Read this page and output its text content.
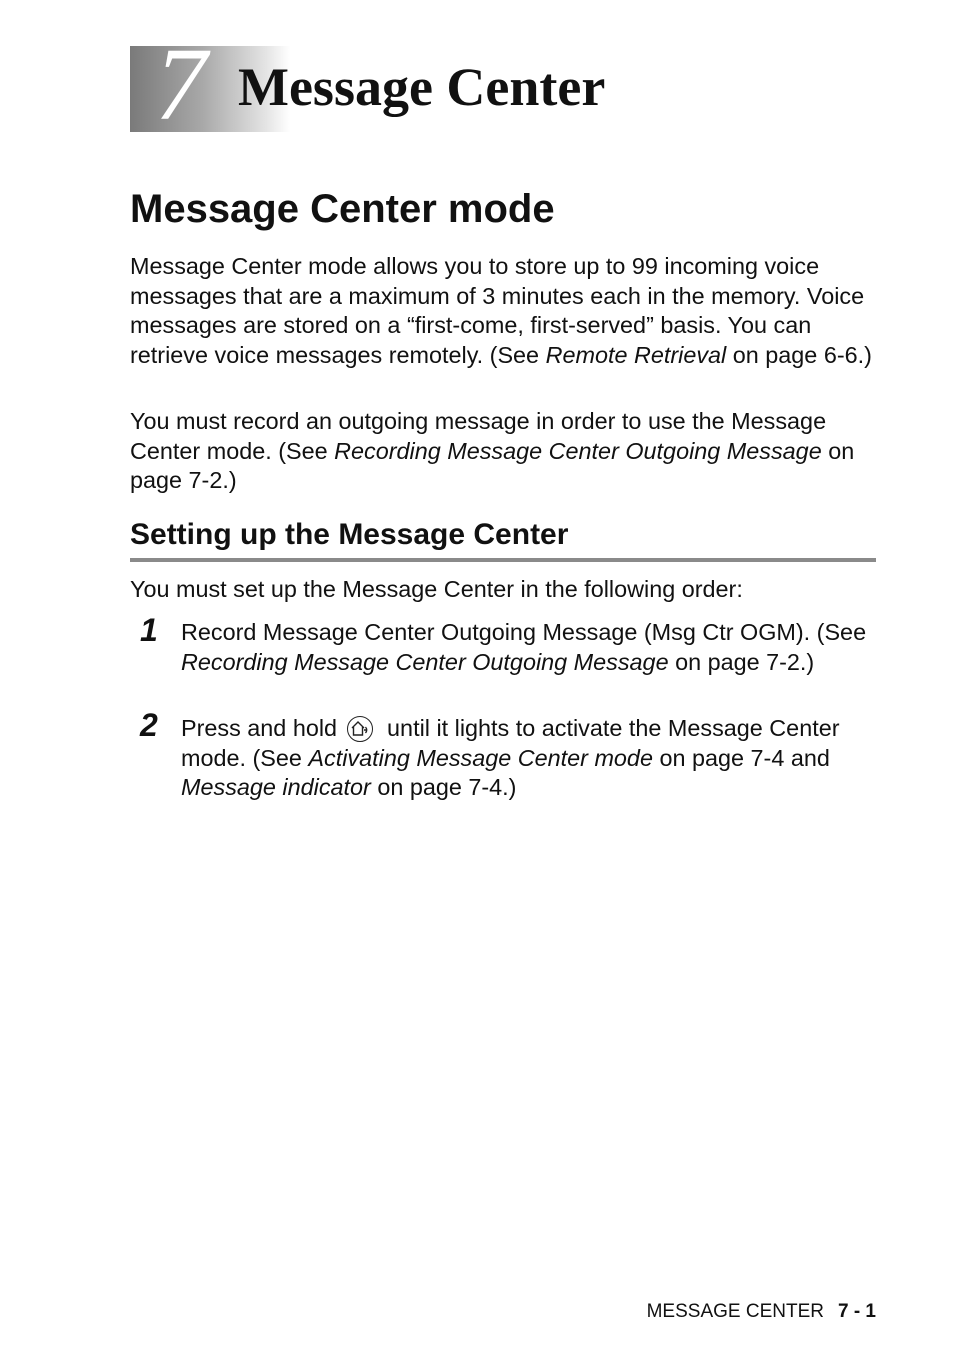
7 Message Center
Message Center mode

Message Center mode allows you to store up to 99 incoming voice messages that are a maximum of 3 minutes each in the memory. Voice messages are stored on a “first-come, first-served” basis. You can retrieve voice messages remotely. (See Remote Retrieval on page 6-6.)

You must record an outgoing message in order to use the Message Center mode. (See Recording Message Center Outgoing Message on page 7-2.)

Setting up the Message Center

You must set up the Message Center in the following order:

1 Record Message Center Outgoing Message (Msg Ctr OGM). (See Recording Message Center Outgoing Message on page 7-2.)

2 Press and hold until it lights to activate the Message Center mode. (See Activating Message Center mode on page 7-4 and Message indicator on page 7-4.)

MESSAGE CENTER 7 - 1
